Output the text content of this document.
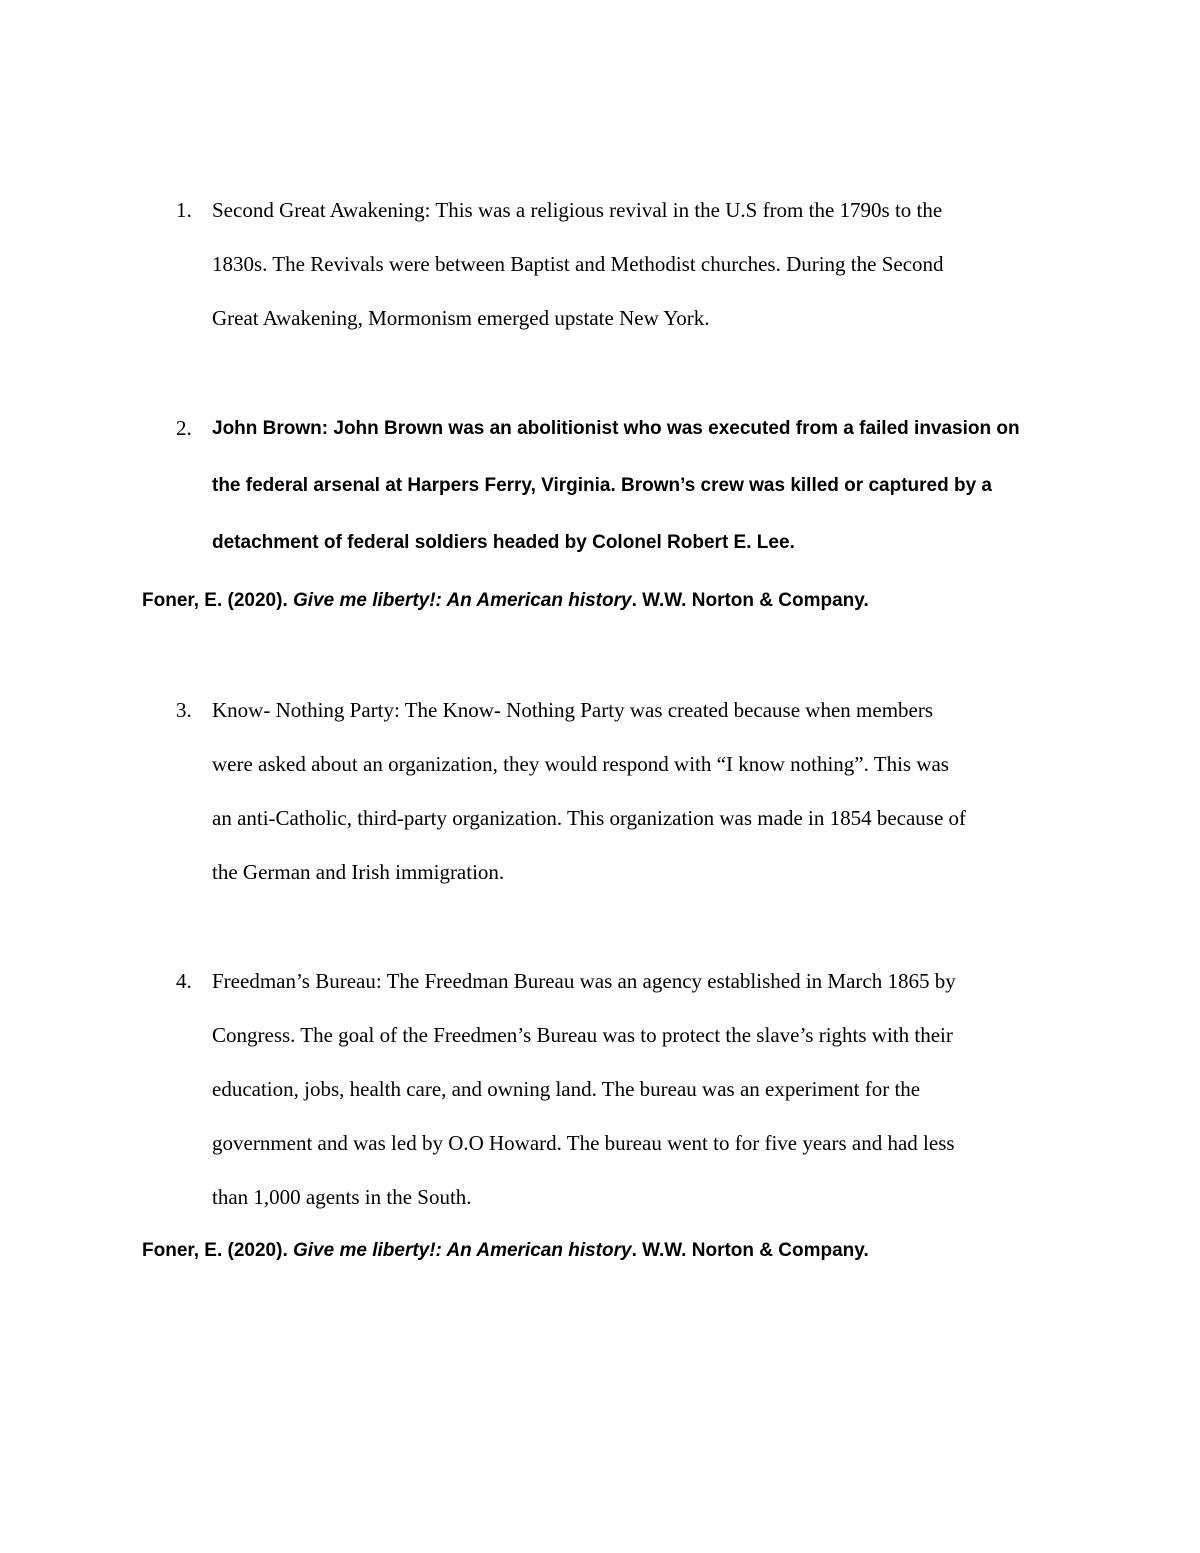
1. Second Great Awakening: This was a religious revival in the U.S from the 1790s to the
1830s. The Revivals were between Baptist and Methodist churches. During the Second
Great Awakening, Mormonism emerged upstate New York.
2. John Brown: John Brown was an abolitionist who was executed from a failed invasion on
the federal arsenal at Harpers Ferry, Virginia. Brown’s crew was killed or captured by a
detachment of federal soldiers headed by Colonel Robert E. Lee.
Foner, E. (2020). Give me liberty!: An American history. W.W. Norton & Company.
3. Know- Nothing Party: The Know- Nothing Party was created because when members
were asked about an organization, they would respond with “I know nothing”. This was
an anti-Catholic, third-party organization. This organization was made in 1854 because of
the German and Irish immigration.
4. Freedman’s Bureau: The Freedman Bureau was an agency established in March 1865 by
Congress. The goal of the Freedmen’s Bureau was to protect the slave’s rights with their
education, jobs, health care, and owning land. The bureau was an experiment for the
government and was led by O.O Howard. The bureau went to for five years and had less
than 1,000 agents in the South.
Foner, E. (2020). Give me liberty!: An American history. W.W. Norton & Company.
